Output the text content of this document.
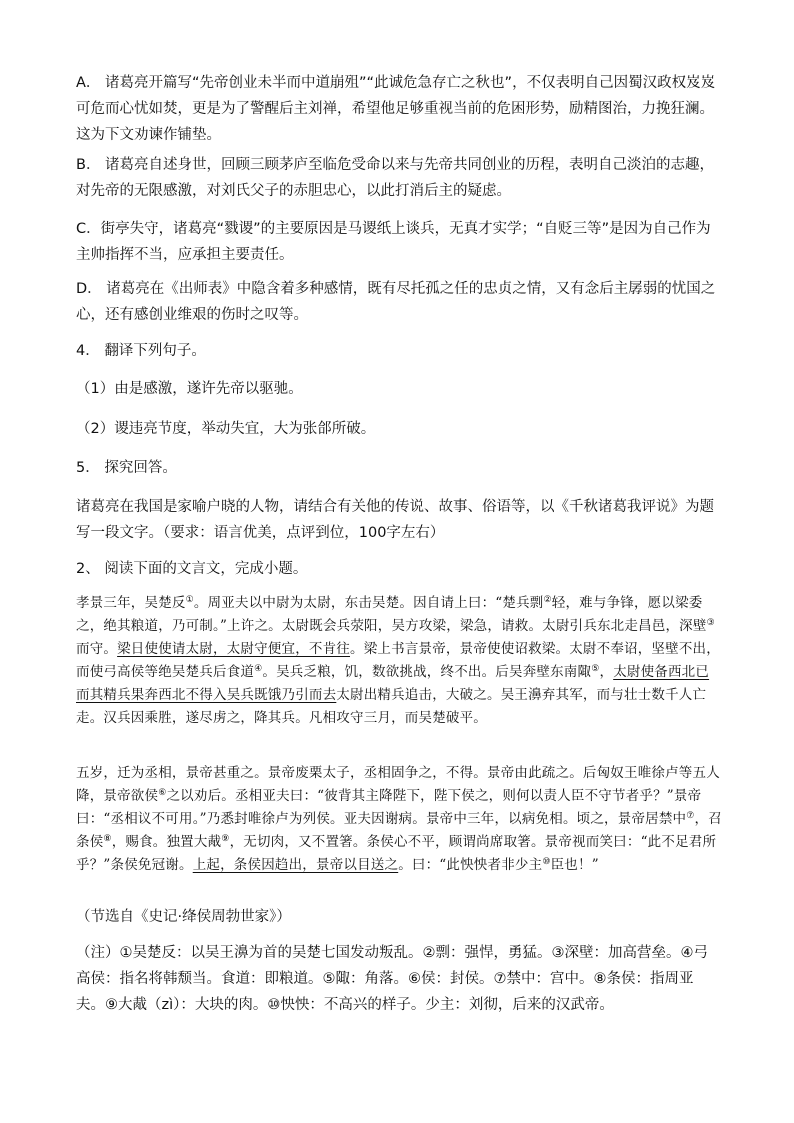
A． 诸葛亮开篇写“先帝创业未半而中道崩殂”“此诚危急存亡之秋也”，不仅表明自己因蜀汉政权岌岌可危而心忧如焚，更是为了警醒后主刘禅，希望他足够重视当前的危困形势，励精图治，力挽狂澜。这为下文劝谏作铺垫。

B． 诸葛亮自述身世，回顾三顾茅庐至临危受命以来与先帝共同创业的历程，表明自己淡泊的志趣，对先帝的无限感激，对刘氏父子的赤胆忠心，以此打消后主的疑虑。

C．街亭失守，诸葛亮“戮谡”的主要原因是马谡纸上谈兵，无真才实学；“自贬三等”是因为自己作为主帅指挥不当，应承担主要责任。

D． 诸葛亮在《出师表》中隐含着多种感情，既有尽托孤之任的忠贞之情，又有念后主孱弱的忧国之心，还有感创业维艰的伤时之叹等。

4． 翻译下列句子。

（1）由是感激，遂许先帝以驱驰。

（2）谡违亮节度，举动失宜，大为张郃所破。

5． 探究回答。

诸葛亮在我国是家喻户晓的人物，请结合有关他的传说、故事、俗语等，以《千秋诸葛我评说》为题写一段文字。（要求：语言优美，点评到位，100字左右）

2、 阅读下面的文言文，完成小题。

孝景三年，吴楚反①。周亚夫以中尉为太尉，东击吴楚。因自请上曰：“楚兵剽②轻，难与争锋，愿以梁委之，绝其粮道，乃可制。”上许之。太尉既会兵荥阳，吴方攻梁，梁急，请救。太尉引兵东北走昌邑，深壁③而守。梁日使使请太尉，太尉守便宜，不肯往。梁上书言景帝，景帝使使诏救梁。太尉不奉诏，坚壁不出，而使弓高侯等绝吴楚兵后食道④。吴兵乏粮，饥，数欲挑战，终不出。后吴奔壁东南陬⑤，太尉使备西北已而其精兵果奔西北不得入吴兵既饿乃引而去太尉出精兵追击，大破之。吴王濞弃其军，而与壮士数千人亡走。汉兵因乘胜，遂尽虏之，降其兵。凡相攻守三月，而吴楚破平。

五岁，迁为丞相，景帝甚重之。景帝废栗太子，丞相固争之，不得。景帝由此疏之。后匈奴王唯徐卢等五人降，景帝欲侯⑥之以劝后。丞相亚夫曰：“彼背其主降陛下，陛下侯之，则何以责人臣不守节者乎？”景帝曰：“丞相议不可用。”乃悉封唯徐卢为列侯。亚夫因谢病。景帝中三年，以病免相。顷之，景帝居禁中⑦，召条侯⑧，赐食。独置大胾⑨，无切肉，又不置箸。条侯心不平，顾谓尚席取箸。景帝视而笑曰：“此不足君所乎？”条侯免冠谢。上起，条侯因趋出，景帝以目送之。曰：“此怏怏者非少主⑩臣也！”

（节选自《史记·绛侯周勃世家》）

（注）①吴楚反：以吴王濞为首的吴楚七国发动叛乱。②剽：强悍，勇猛。③深壁：加高营垒。④弓高侯：指名将韩颓当。食道：即粮道。⑤陬：角落。⑥侯：封侯。⑦禁中：宫中。⑧条侯：指周亚夫。⑨大胾（zì）：大块的肉。⑩怏怏：不高兴的样子。少主：刘彻，后来的汉武帝。
